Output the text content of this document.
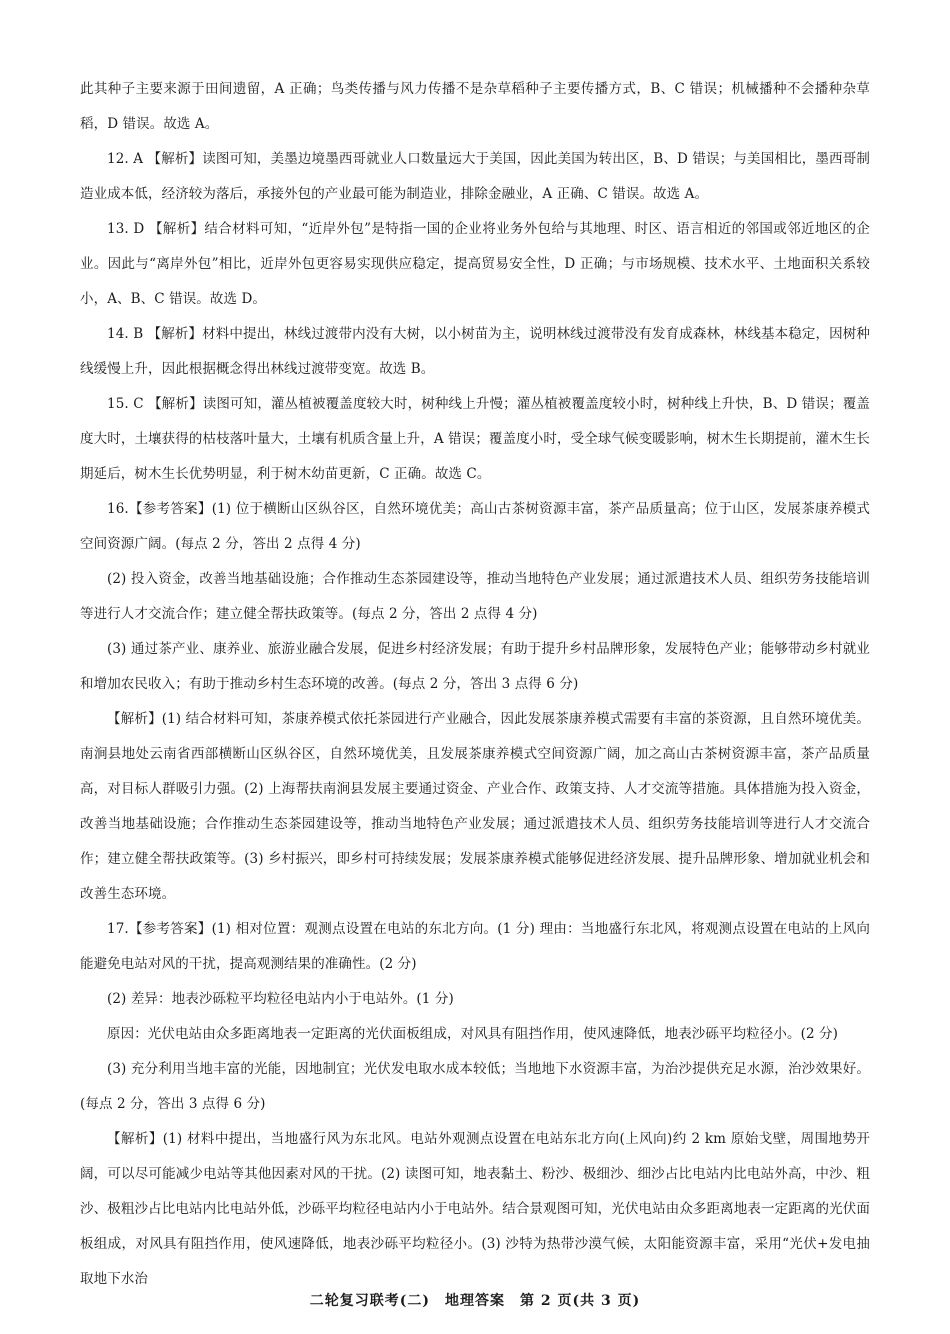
此其种子主要来源于田间遗留，A 正确；鸟类传播与风力传播不是杂草稻种子主要传播方式，B、C 错误；机械播种不会播种杂草稻，D 错误。故选 A。

12. A 【解析】读图可知，美墨边境墨西哥就业人口数量远大于美国，因此美国为转出区，B、D 错误；与美国相比，墨西哥制造业成本低，经济较为落后，承接外包的产业最可能为制造业，排除金融业，A 正确、C 错误。故选 A。

13. D 【解析】结合材料可知，“近岸外包”是特指一国的企业将业务外包给与其地理、时区、语言相近的邻国或邻近地区的企业。因此与“离岸外包”相比，近岸外包更容易实现供应稳定，提高贸易安全性，D 正确；与市场规模、技术水平、土地面积关系较小，A、B、C 错误。故选 D。

14. B 【解析】材料中提出，林线过渡带内没有大树，以小树苗为主，说明林线过渡带没有发育成森林，林线基本稳定，因树种线缓慢上升，因此根据概念得出林线过渡带变宽。故选 B。

15. C 【解析】读图可知，灌丛植被覆盖度较大时，树种线上升慢；灌丛植被覆盖度较小时，树种线上升快，B、D 错误；覆盖度大时，土壤获得的枯枝落叶量大，土壤有机质含量上升，A 错误；覆盖度小时，受全球气候变暖影响，树木生长期提前，灌木生长期延后，树木生长优势明显，利于树木幼苗更新，C 正确。故选 C。

16.【参考答案】(1) 位于横断山区纵谷区，自然环境优美；高山古茶树资源丰富，茶产品质量高；位于山区，发展茶康养模式空间资源广阔。(每点 2 分，答出 2 点得 4 分)

(2) 投入资金，改善当地基础设施；合作推动生态茶园建设等，推动当地特色产业发展；通过派遣技术人员、组织劳务技能培训等进行人才交流合作；建立健全帮扶政策等。(每点 2 分，答出 2 点得 4 分)

(3) 通过茶产业、康养业、旅游业融合发展，促进乡村经济发展；有助于提升乡村品牌形象，发展特色产业；能够带动乡村就业和增加农民收入；有助于推动乡村生态环境的改善。(每点 2 分，答出 3 点得 6 分)

【解析】(1) 结合材料可知，茶康养模式依托茶园进行产业融合，因此发展茶康养模式需要有丰富的茶资源，且自然环境优美。南涧县地处云南省西部横断山区纵谷区，自然环境优美，且发展茶康养模式空间资源广阔，加之高山古茶树资源丰富，茶产品质量高，对目标人群吸引力强。(2) 上海帮扶南涧县发展主要通过资金、产业合作、政策支持、人才交流等措施。具体措施为投入资金，改善当地基础设施；合作推动生态茶园建设等，推动当地特色产业发展；通过派遣技术人员、组织劳务技能培训等进行人才交流合作；建立健全帮扶政策等。(3) 乡村振兴，即乡村可持续发展；发展茶康养模式能够促进经济发展、提升品牌形象、增加就业机会和改善生态环境。

17.【参考答案】(1) 相对位置：观测点设置在电站的东北方向。(1 分) 理由：当地盛行东北风，将观测点设置在电站的上风向能避免电站对风的干扰，提高观测结果的准确性。(2 分)

(2) 差异：地表沙砾粒平均粒径电站内小于电站外。(1 分)

原因：光伏电站由众多距离地表一定距离的光伏面板组成，对风具有阻挡作用，使风速降低，地表沙砾平均粒径小。(2 分)

(3) 充分利用当地丰富的光能，因地制宜；光伏发电取水成本较低；当地地下水资源丰富，为治沙提供充足水源，治沙效果好。(每点 2 分，答出 3 点得 6 分)

【解析】(1) 材料中提出，当地盛行风为东北风。电站外观测点设置在电站东北方向(上风向)约 2 km 原始戈壁，周围地势开阔，可以尽可能减少电站等其他因素对风的干扰。(2) 读图可知，地表黏土、粉沙、极细沙、细沙占比电站内比电站外高，中沙、粗沙、极粗沙占比电站内比电站外低，沙砾平均粒径电站内小于电站外。结合景观图可知，光伏电站由众多距离地表一定距离的光伏面板组成，对风具有阻挡作用，使风速降低，地表沙砾平均粒径小。(3) 沙特为热带沙漠气候，太阳能资源丰富，采用“光伏+发电抽取地下水治

二轮复习联考(二)　地理答案　第 2 页(共 3 页)
